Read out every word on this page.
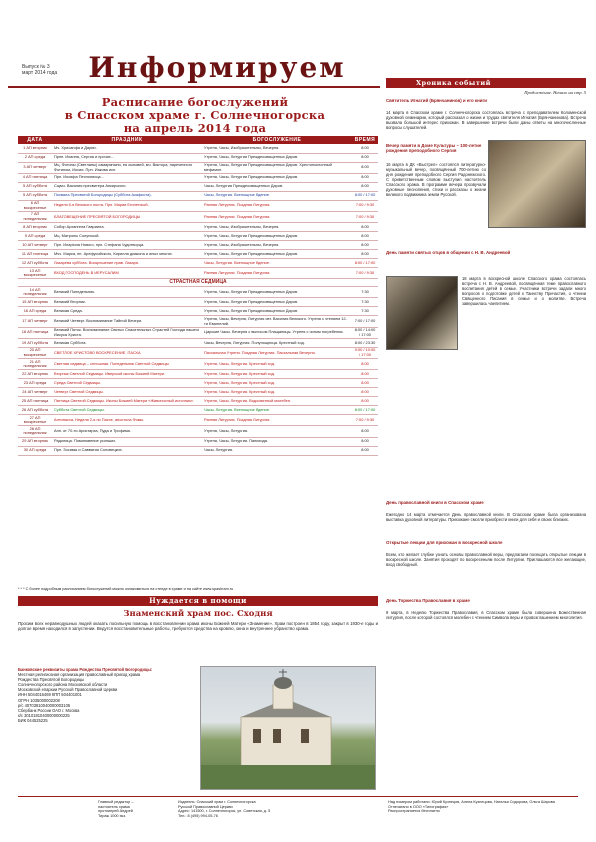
Выпуск № 3
март 2014 года	Информируем
Расписание богослужений
в Спасском храме г. Солнечногорска
на апрель 2014 года
ДАТА	ПРАЗДНИК	БОГОСЛУЖЕНИЕ	ВРЕМЯ
1 АП вторник	Мч. Хрисанфа и Дарии.	Утреня, Часы, Изобразительны, Вечерня.	8:00
2 АП среда	Прпп. Иоанна, Сергия и прочих...	Утреня, Часы, Литургия Преждеосвященных Даров.	8:00
3 АП четверг	Мц. Фотины (Светланы) самаряныни, ея сыновей, мч. Виктора, нареченного Фотином, Иосии. Прп. Иакова исп.	Утреня, Часы, Литургия Преждеосвященных Даров. Хрестопоклонный мефимон.	8:00
4 АП пятница	Прп. Иосифа Песнописца...	Утреня, Часы, Литургия Преждеосвященных Даров.	8:00
5 АП суббота	Сщмч. Василия пресвитера Анкирского.	Часы, Литургия Преждеосвященных Даров.	8:00
5 АП суббота	Похвала Пресвятой Богородицы (Суббота Акафиста).	Часы, Литургия. Всенощное бдение.	8:00 / 17:00
6 АП воскресенье	Неделя 5-я Великого поста. Прп. Марии Египетской.	Ранняя Литургия. Поздняя Литургия.	7:00 / 9:30
7 АП понедельник	БЛАГОВЕЩЕНИЕ ПРЕСВЯТОЙ БОГОРОДИЦЫ	Ранняя Литургия. Поздняя Литургия.	7:00 / 9:30
8 АП вторник	Собор Архангела Гавриила.	Утреня, Часы, Изобразительны, Вечерня.	8:00
9 АП среда	Мц. Матроны Солунской.	Утреня, Часы, Литургия Преждеосвященных Даров.	8:00
10 АП четверг	Прп. Иларiона Нового, прп. Стефана Чудотворца.	Утреня, Часы, Изобразительны, Вечерня.	8:00
11 АП пятница	Мчч. Марка, еп. Арефусийского, Кирилла диакона и иных многих.	Утреня, Часы, Литургия Преждеосвященных Даров.	8:00
12 АП суббота	Лазарева суббота. Воскрешение прав. Лазаря.	Часы, Литургия. Всенощное бдение.	8:00 / 17:00
13 АП воскресенье	ВХОД ГОСПОДЕНЬ В ИЕРУСАЛИМ	Ранняя Литургия. Поздняя Литургия.	7:00 / 9:30
СТРАСТНАЯ СЕДМИЦА			
14 АП понедельник	Великий Понедельник.	Утреня, Часы, Литургия Преждеосвященных Даров.	7:30
15 АП вторник	Великий Вторник.	Утреня, Часы, Литургия Преждеосвященных Даров.	7:30
16 АП среда	Великая Среда.	Утреня, Часы, Литургия Преждеосвященных Даров.	7:30
17 АП четверг	Великий Четверг. Воспоминание Тайной Вечери.	Утреня, Часы, Вечерня, Литургия свт. Василия Великого. Утреня с чтением 12-ти Евангелий.	7:00 / 17:00
18 АП пятница	Великий Пяток. Воспоминание Святых Спасительных Страстей Господа нашего Иисуса Христа.	Царские Часы. Вечерня с выносом Плащаницы. Утреня с чином погребения.	8:00 / 14:00 / 17:00
19 АП суббота	Великая Суббота.	Часы, Вечерня, Литургия. Полунощница. Крестный ход.	8:00 / 23:30
20 АП воскресенье	СВЕТЛОЕ ХРИСТОВО ВОСКРЕСЕНИЕ. ПАСХА	Пасхальная Утреня. Поздняя Литургия. Пасхальная Вечерня.	0:00 / 10:00 / 17:00
21 АП понедельник	Светлая седмица – сплошная. Понедельник Светлой Седмицы.	Утреня, Часы, Литургия. Крестный ход.	8:00
22 АП вторник	Вторник Светлой Седмицы. Иверской иконы Божией Матери.	Утреня, Часы, Литургия. Крестный ход.	8:00
23 АП среда	Среда Светлой Седмицы.	Утреня, Часы, Литургия. Крестный ход.	8:00
24 АП четверг	Четверг Светлой Седмицы.	Утреня, Часы, Литургия. Крестный ход.	8:00
25 АП пятница	Пятница Светлой Седмицы. Иконы Божией Матери «Живоносный источник».	Утреня, Часы, Литургия. Водосвятный молебен.	8:00
26 АП суббота	Суббота Светлой Седмицы.	Часы, Литургия. Всенощное бдение.	8:00 / 17:00
27 АП воскресенье	Антипасха. Неделя 2-я по Пасхе, апостола Фомы.	Ранняя Литургия. Поздняя Литургия.	7:00 / 9:30
28 АП понедельник	Апп. от 70-ти Аристарха, Пуда и Трофима.	Утреня, Часы, Литургия.	8:00
29 АП вторник	Радоница. Поминовение усопших.	Утреня, Часы, Литургия. Панихида.	8:00
30 АП среда	Прп. Зосимы и Савватия Соловецких.	Часы, Литургия.	8:00
* * * С более подробным расписанием богослужений можно ознакомиться на стенде в храме и на сайте www.spashram.ru
Нуждается в помощи
Знаменский храм пос. Сходня
Просим всех неравнодушных людей оказать посильную помощь в восстановлении храма иконы Божией Матери «Знамение». Храм построен в 1854 году, закрыт в 1930-е годы и долгое время находился в запустении. Ведутся восстановительные работы, требуются средства на кровлю, окна и внутреннее убранство храма.
Банковские реквизиты храма Рождества Пресвятой Богородицы:
Местная религиозная организация православный приход храма
Рождества Пресвятой Богородицы
Солнечногорского района Московской области
Московской епархии Русской Православной Церкви
ИНН 5044016469 КПП 504401001
ОГРН 1035000002208
р/с 40703810040000003105
Сбербанк России ОАО г. Москва
к/с 30101810400000000225
БИК 044525225
Главный редактор –
настоятель храма
протоиерей Андрей
Тираж 1000 экз.
Издатель: Спасский храм г. Солнечногорска
Русской Православной Церкви
Адрес: 141500, г. Солнечногорск, ул. Советская, д. 5
Тел.: 8 (495) 994-05-76
Над номером работали: Юрий Кузнецов, Алена Кузнецова, Наталья Сидорова, Ольга Шарова
Отпечатано в ООО «Типография»
Распространяется бесплатно
Хроника событий
Продолжение. Начало на стр. 5
Святитель Игнатий (Брянчанинов) и его книги
14 марта в Спасском храме г. Солнечногорска состоялась встреча с преподавателем Коломенской духовной семинарии, который рассказал о жизни и трудах святителя Игнатия (Брянчанинова). Встреча вызвала большой интерес прихожан. В завершение встречи были даны ответы на многочисленные вопросы слушателей.
Вечер памяти в Доме Культуры – 100-летие рождения преподобного Сергия
16 марта в ДК «Выстрел» состоялся литературно-музыкальный вечер, посвящённый 700-летию со дня рождения преподобного Сергия Радонежского. С приветственным словом выступил настоятель Спасского храма. В программе вечера прозвучали духовные песнопения, стихи и рассказы о жизни великого подвижника земли Русской.
День памяти святых отцов в общении с Н. В. Андреевой
18 марта в воскресной школе Спасского храма состоялась встреча с Н. В. Андреевой, посвящённая теме православного воспитания детей в семье. Участники встречи задали много вопросов о подготовке детей к Таинству Причастия, о чтении Священного Писания в семье и о молитве. Встреча завершилась чаепитием.
День православной книги в Спасском храме
Ежегодно 14 марта отмечается День православной книги. В Спасском храме была организована выставка духовной литературы. Прихожане смогли приобрести книги для себя и своих близких.
Открытые лекции для прихожан в воскресной школе
Всем, кто желает глубже узнать основы православной веры, предлагаем посещать открытые лекции в воскресной школе. Занятия проходят по воскресеньям после Литургии. Приглашаются все желающие, вход свободный.
День Торжества Православия в храме
9 марта, в Неделю Торжества Православия, в Спасском храме была совершена Божественная литургия, после которой состоялся молебен с чтением Символа веры и провозглашением многолетия.
